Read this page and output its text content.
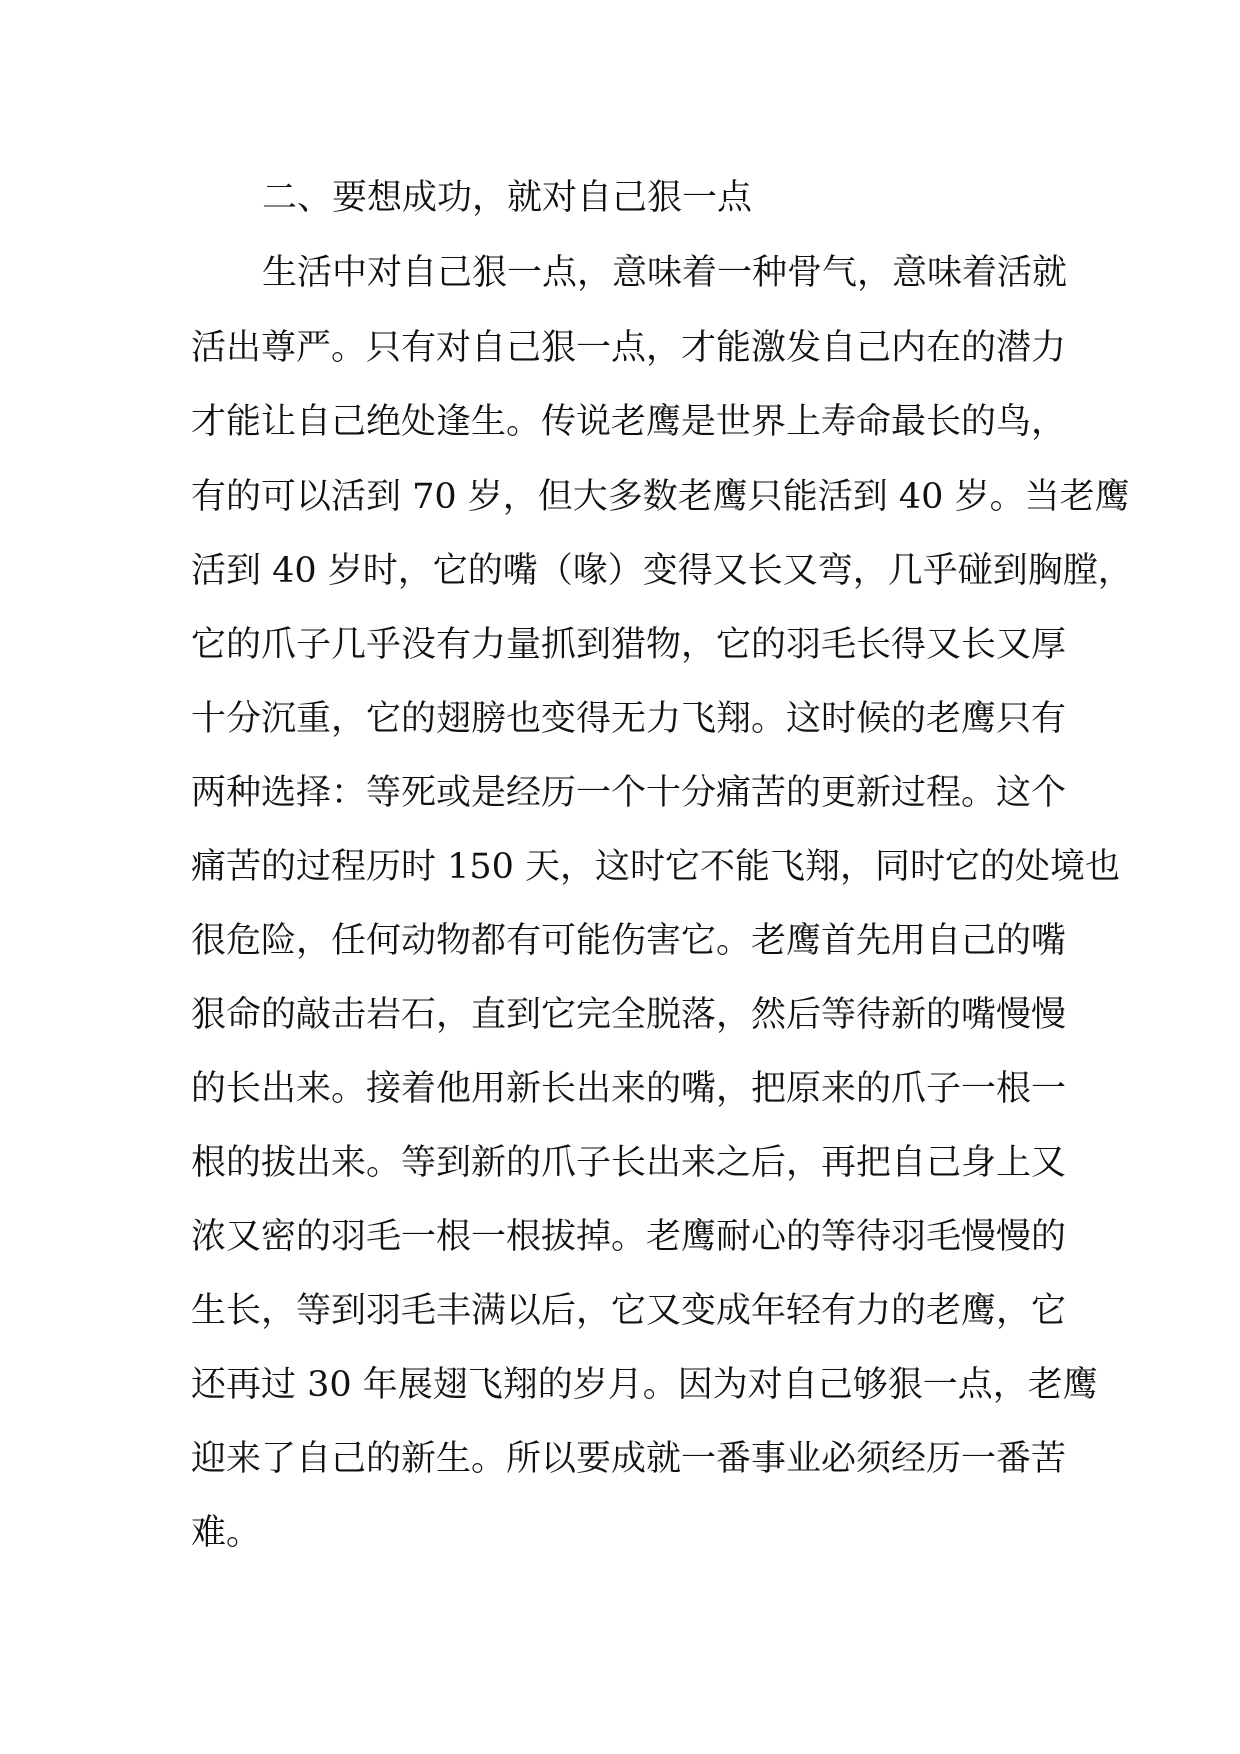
二、要想成功，就对自己狠一点
生活中对自己狠一点，意味着一种骨气，意味着活就
活出尊严。只有对自己狠一点，才能激发自己内在的潜力
才能让自己绝处逢生。传说老鹰是世界上寿命最长的鸟，
有的可以活到 70 岁，但大多数老鹰只能活到 40 岁。当老鹰
活到 40 岁时，它的嘴（喙）变得又长又弯，几乎碰到胸膛，
它的爪子几乎没有力量抓到猎物，它的羽毛长得又长又厚
十分沉重，它的翅膀也变得无力飞翔。这时候的老鹰只有
两种选择：等死或是经历一个十分痛苦的更新过程。这个
痛苦的过程历时 150 天，这时它不能飞翔，同时它的处境也
很危险，任何动物都有可能伤害它。老鹰首先用自己的嘴
狠命的敲击岩石，直到它完全脱落，然后等待新的嘴慢慢
的长出来。接着他用新长出来的嘴，把原来的爪子一根一
根的拔出来。等到新的爪子长出来之后，再把自己身上又
浓又密的羽毛一根一根拔掉。老鹰耐心的等待羽毛慢慢的
生长，等到羽毛丰满以后，它又变成年轻有力的老鹰，它
还再过 30 年展翅飞翔的岁月。因为对自己够狠一点，老鹰
迎来了自己的新生。所以要成就一番事业必须经历一番苦
难。
